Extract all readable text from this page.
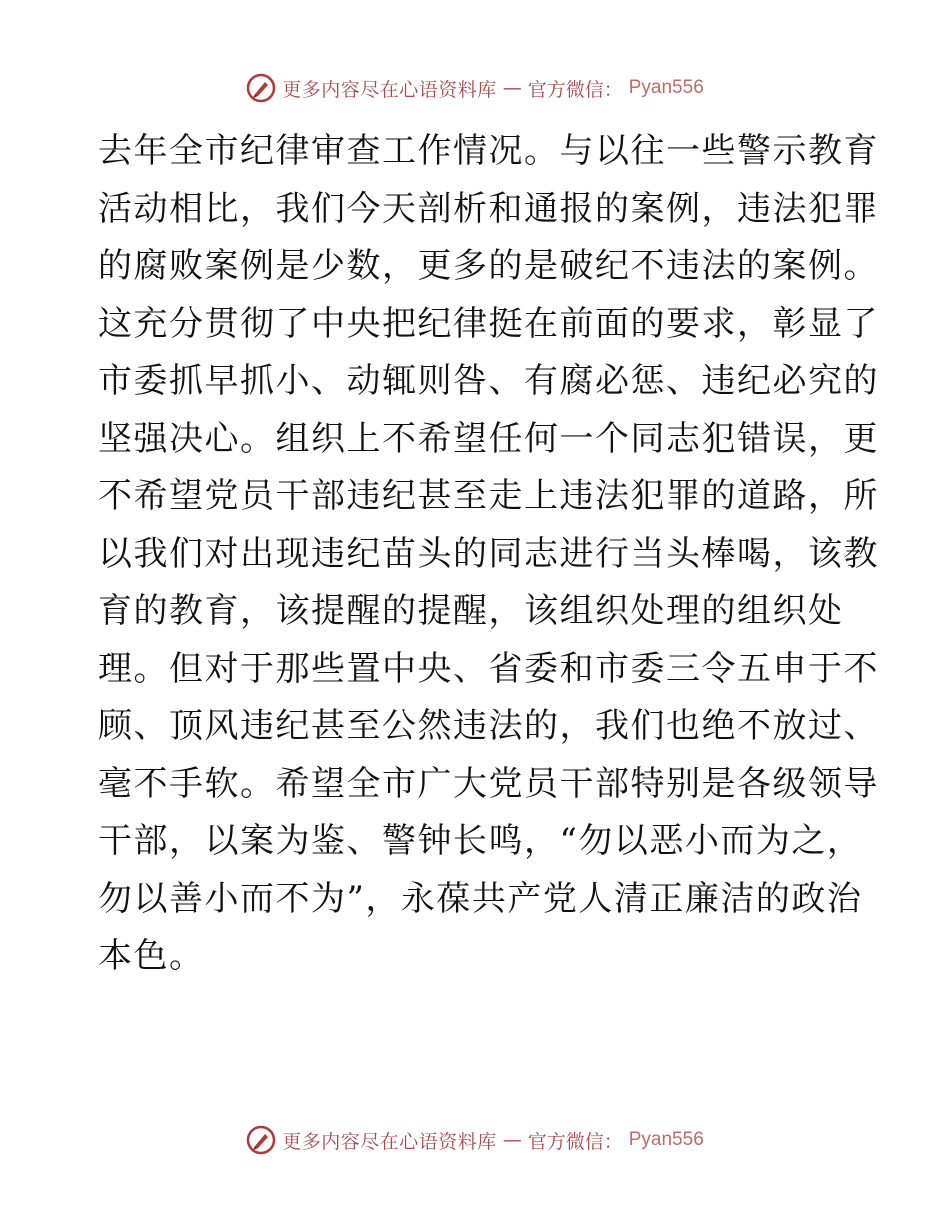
更多内容尽在心语资料库 — 官方微信： Pyan556
去年全市纪律审查工作情况。与以往一些警示教育
活动相比，我们今天剖析和通报的案例，违法犯罪
的腐败案例是少数，更多的是破纪不违法的案例。
这充分贯彻了中央把纪律挺在前面的要求，彰显了
市委抓早抓小、动辄则咎、有腐必惩、违纪必究的
坚强决心。组织上不希望任何一个同志犯错误，更
不希望党员干部违纪甚至走上违法犯罪的道路，所
以我们对出现违纪苗头的同志进行当头棒喝，该教
育的教育，该提醒的提醒，该组织处理的组织处
理。但对于那些置中央、省委和市委三令五申于不
顾、顶风违纪甚至公然违法的，我们也绝不放过、
毫不手软。希望全市广大党员干部特别是各级领导
干部，以案为鉴、警钟长鸣，“勿以恶小而为之，
勿以善小而不为”，永葆共产党人清正廉洁的政治
本色。
更多内容尽在心语资料库 — 官方微信： Pyan556
